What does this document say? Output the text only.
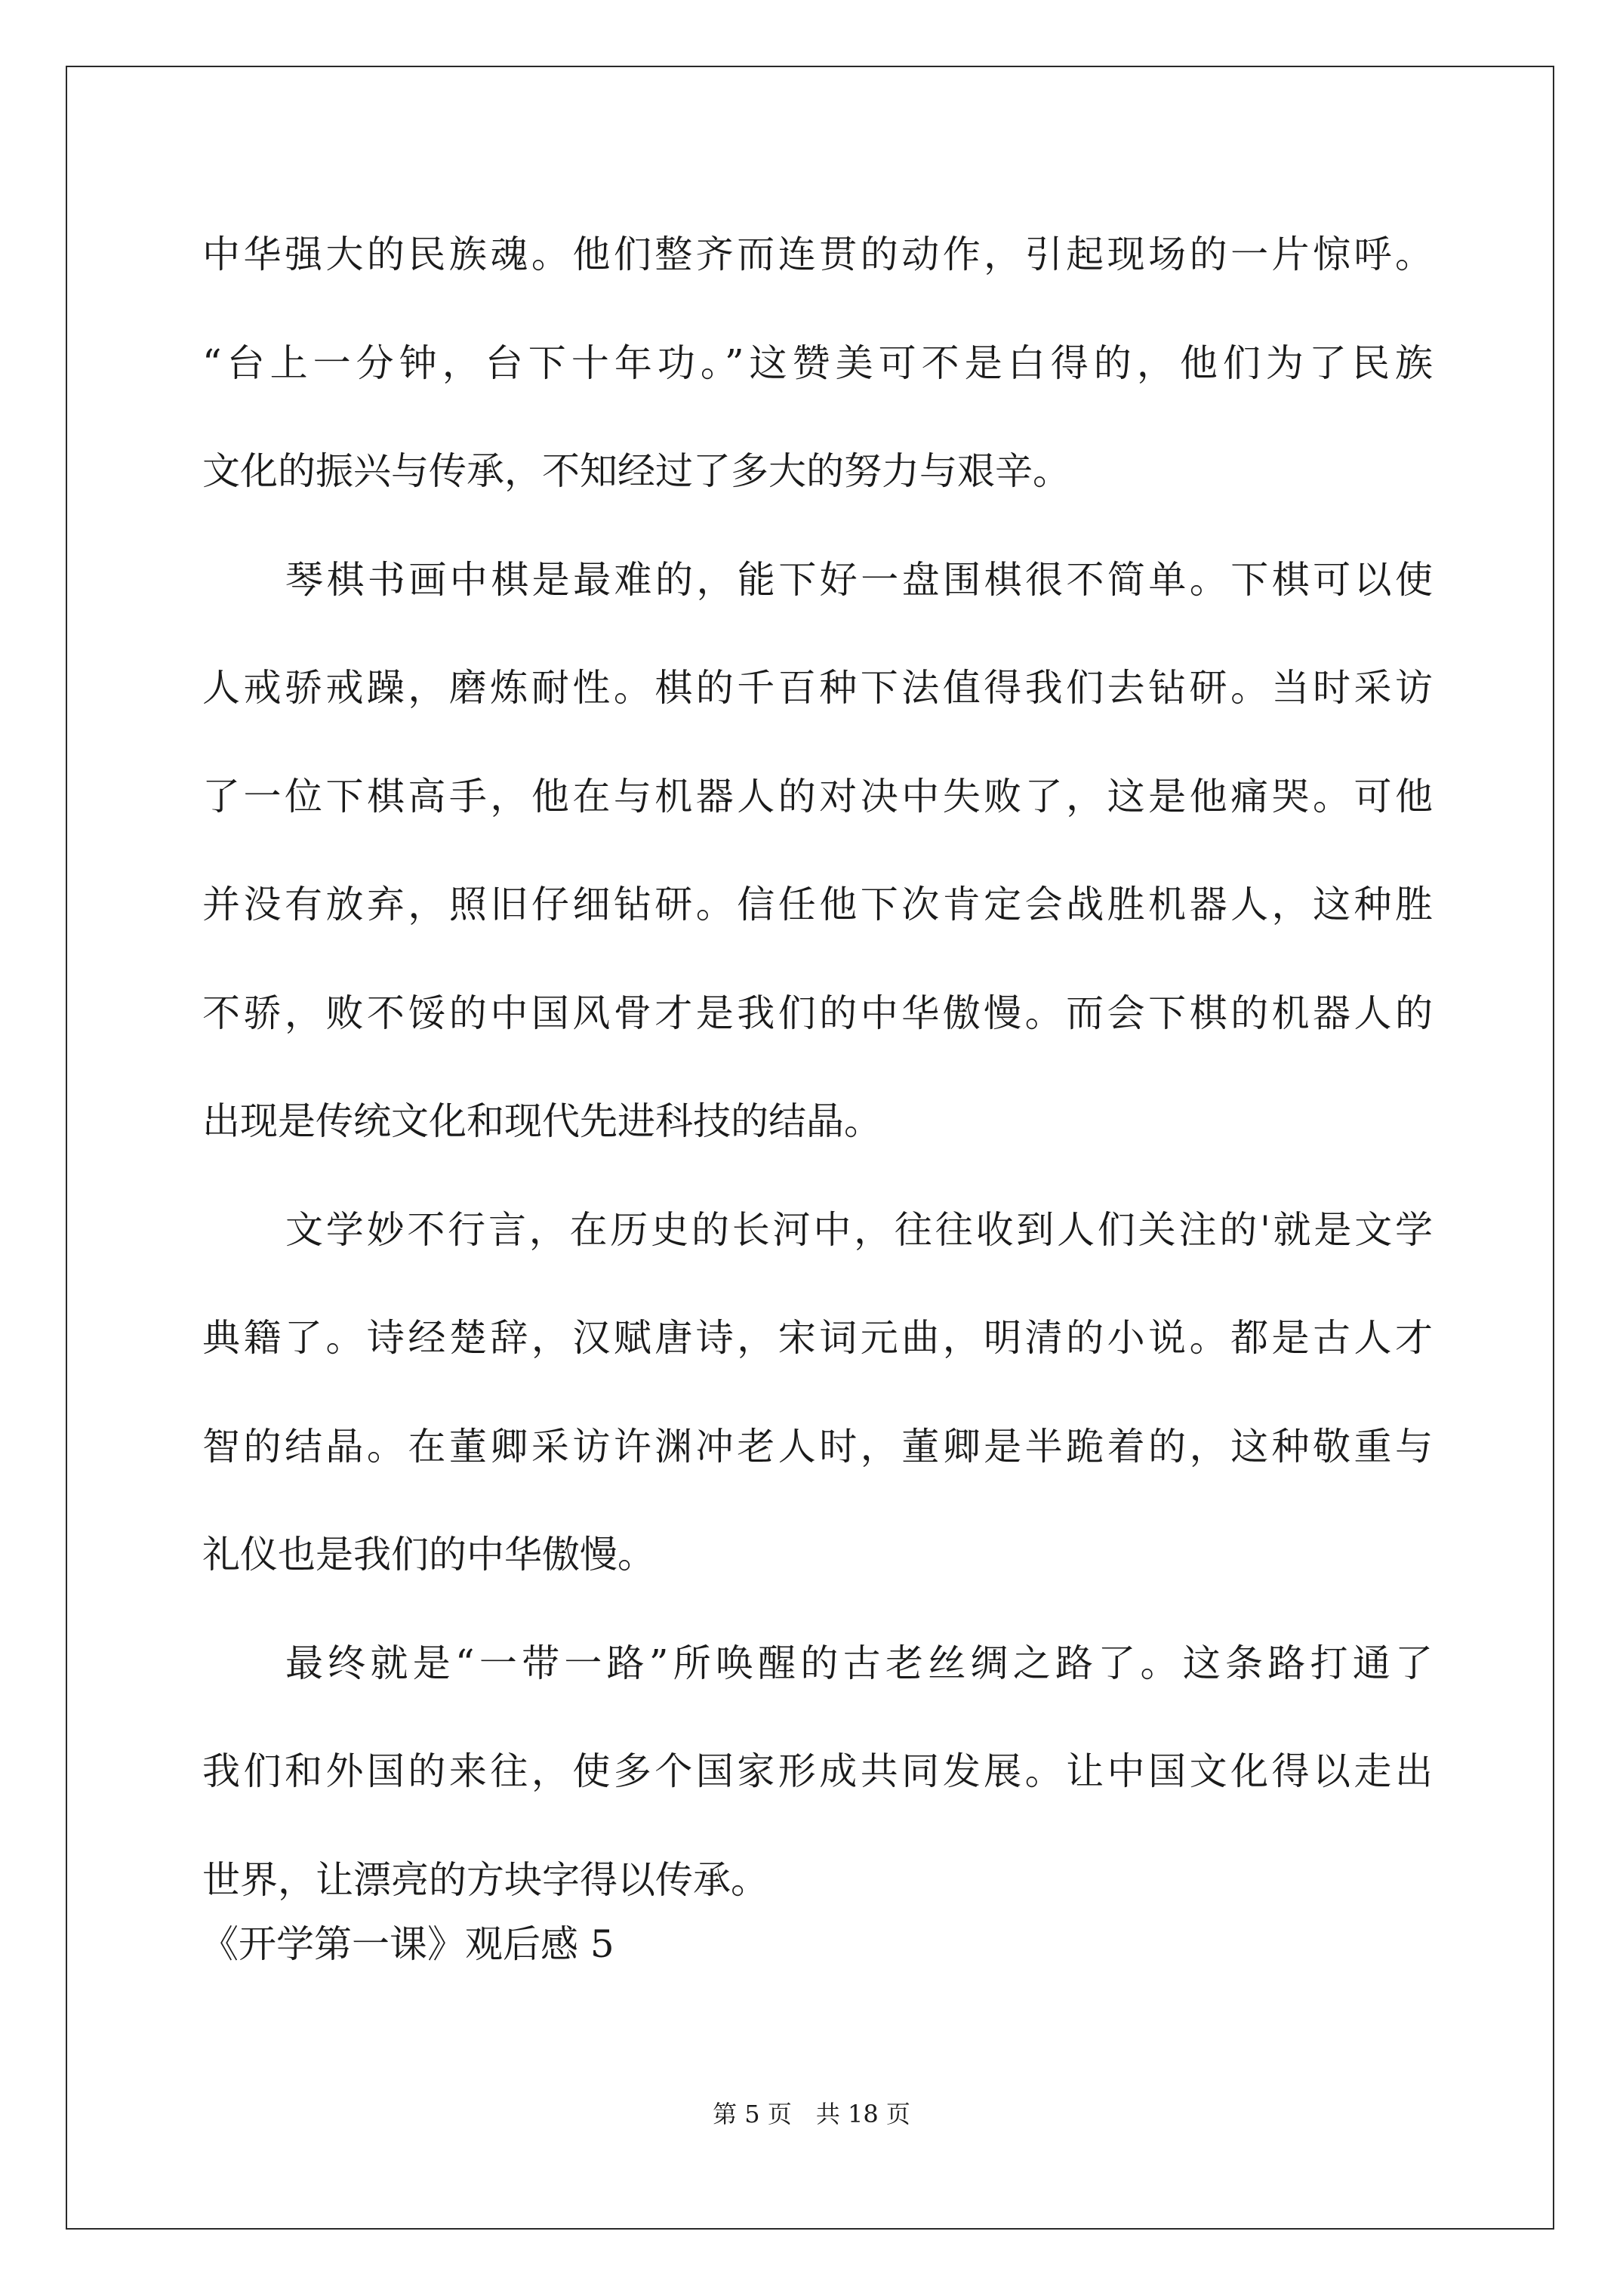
中华强大的民族魂。他们整齐而连贯的动作，引起现场的一片惊呼。
“台上一分钟，台下十年功。”这赞美可不是白得的，他们为了民族
文化的振兴与传承，不知经过了多大的努力与艰辛。
琴棋书画中棋是最难的，能下好一盘围棋很不简单。下棋可以使
人戒骄戒躁，磨炼耐性。棋的千百种下法值得我们去钻研。当时采访
了一位下棋高手，他在与机器人的对决中失败了，这是他痛哭。可他
并没有放弃，照旧仔细钻研。信任他下次肯定会战胜机器人，这种胜
不骄，败不馁的中国风骨才是我们的中华傲慢。而会下棋的机器人的
出现是传统文化和现代先进科技的结晶。
文学妙不行言，在历史的长河中，往往收到人们关注的'就是文学
典籍了。诗经楚辞，汉赋唐诗，宋词元曲，明清的小说。都是古人才
智的结晶。在董卿采访许渊冲老人时，董卿是半跪着的，这种敬重与
礼仪也是我们的中华傲慢。
最终就是“一带一路”所唤醒的古老丝绸之路了。这条路打通了
我们和外国的来往，使多个国家形成共同发展。让中国文化得以走出
世界，让漂亮的方块字得以传承。
《开学第一课》观后感 5
第 5 页　共 18 页
